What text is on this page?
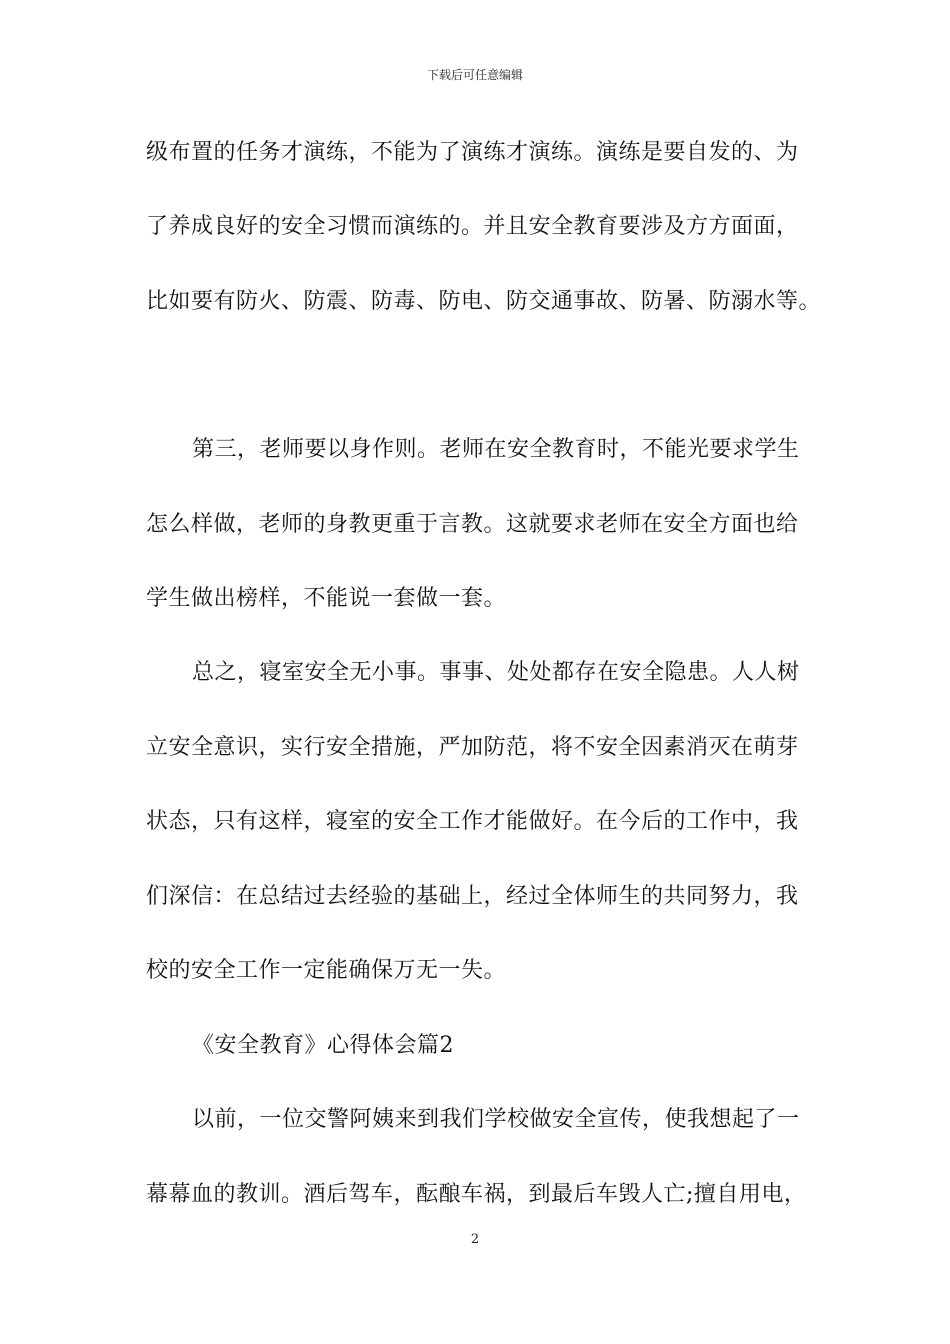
下载后可任意编辑
级布置的任务才演练，不能为了演练才演练。演练是要自发的、为
了养成良好的安全习惯而演练的。并且安全教育要涉及方方面面，
比如要有防火、防震、防毒、防电、防交通事故、防暑、防溺水等。
第三，老师要以身作则。老师在安全教育时，不能光要求学生
怎么样做，老师的身教更重于言教。这就要求老师在安全方面也给
学生做出榜样，不能说一套做一套。
总之，寝室安全无小事。事事、处处都存在安全隐患。人人树
立安全意识，实行安全措施，严加防范，将不安全因素消灭在萌芽
状态，只有这样，寝室的安全工作才能做好。在今后的工作中，我
们深信：在总结过去经验的基础上，经过全体师生的共同努力，我
校的安全工作一定能确保万无一失。
《安全教育》心得体会篇2
以前，一位交警阿姨来到我们学校做安全宣传，使我想起了一
幕幕血的教训。酒后驾车，酝酿车祸，到最后车毁人亡;擅自用电，
2
